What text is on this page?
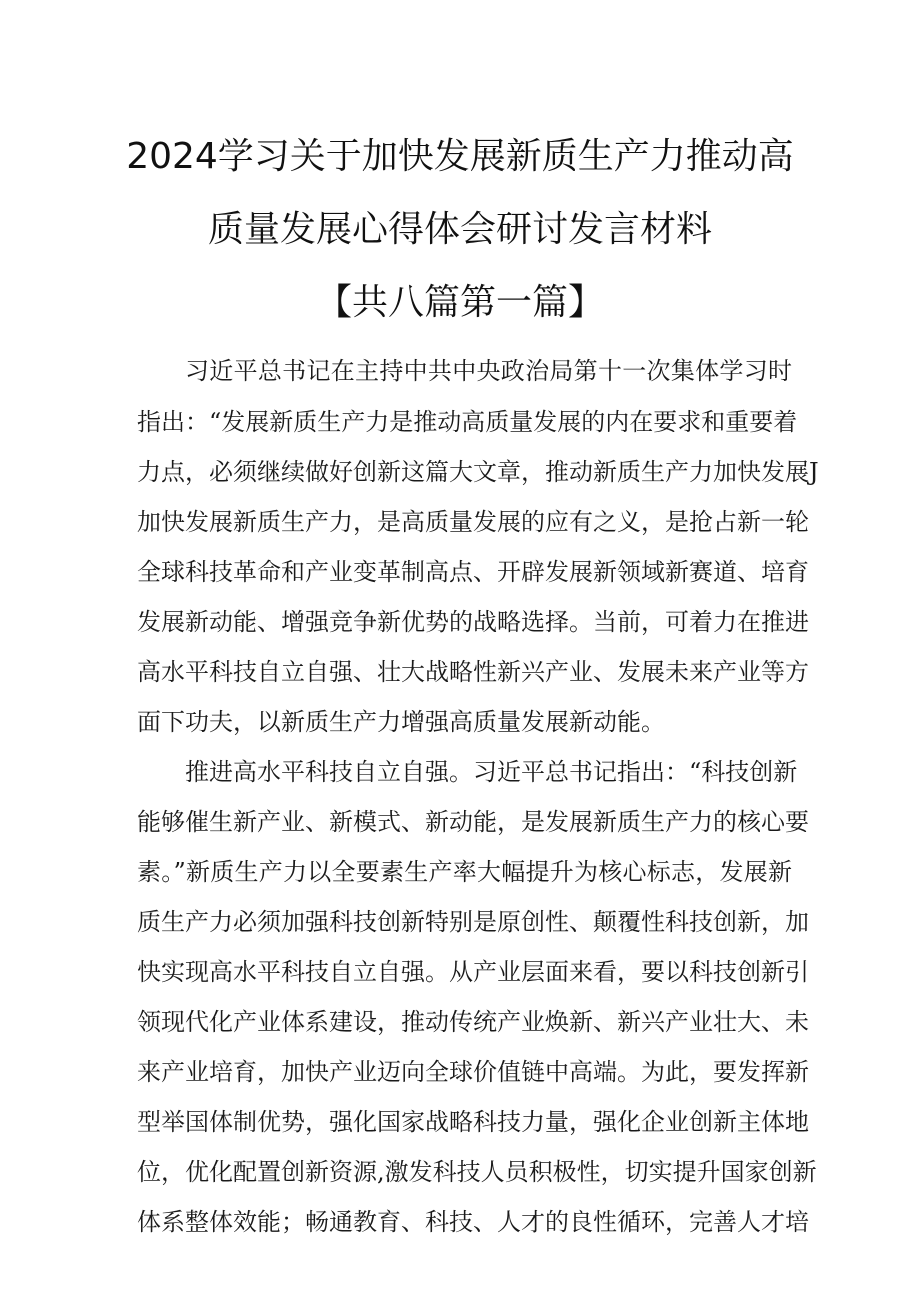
2024学习关于加快发展新质生产力推动高
质量发展心得体会研讨发言材料
【共八篇第一篇】

习近平总书记在主持中共中央政治局第十一次集体学习时

指出：“发展新质生产力是推动高质量发展的内在要求和重要着

力点，必须继续做好创新这篇大文章，推动新质生产力加快发展J

加快发展新质生产力，是高质量发展的应有之义，是抢占新一轮

全球科技革命和产业变革制高点、开辟发展新领域新赛道、培育

发展新动能、增强竞争新优势的战略选择。当前，可着力在推进

高水平科技自立自强、壮大战略性新兴产业、发展未来产业等方

面下功夫，以新质生产力增强高质量发展新动能。

推进高水平科技自立自强。习近平总书记指出：“科技创新

能够催生新产业、新模式、新动能，是发展新质生产力的核心要

素。”新质生产力以全要素生产率大幅提升为核心标志，发展新

质生产力必须加强科技创新特别是原创性、颠覆性科技创新，加

快实现高水平科技自立自强。从产业层面来看，要以科技创新引

领现代化产业体系建设，推动传统产业焕新、新兴产业壮大、未

来产业培育，加快产业迈向全球价值链中高端。为此，要发挥新

型举国体制优势，强化国家战略科技力量，强化企业创新主体地

位，优化配置创新资源,激发科技人员积极性，切实提升国家创新

体系整体效能；畅通教育、科技、人才的良性循环，完善人才培
